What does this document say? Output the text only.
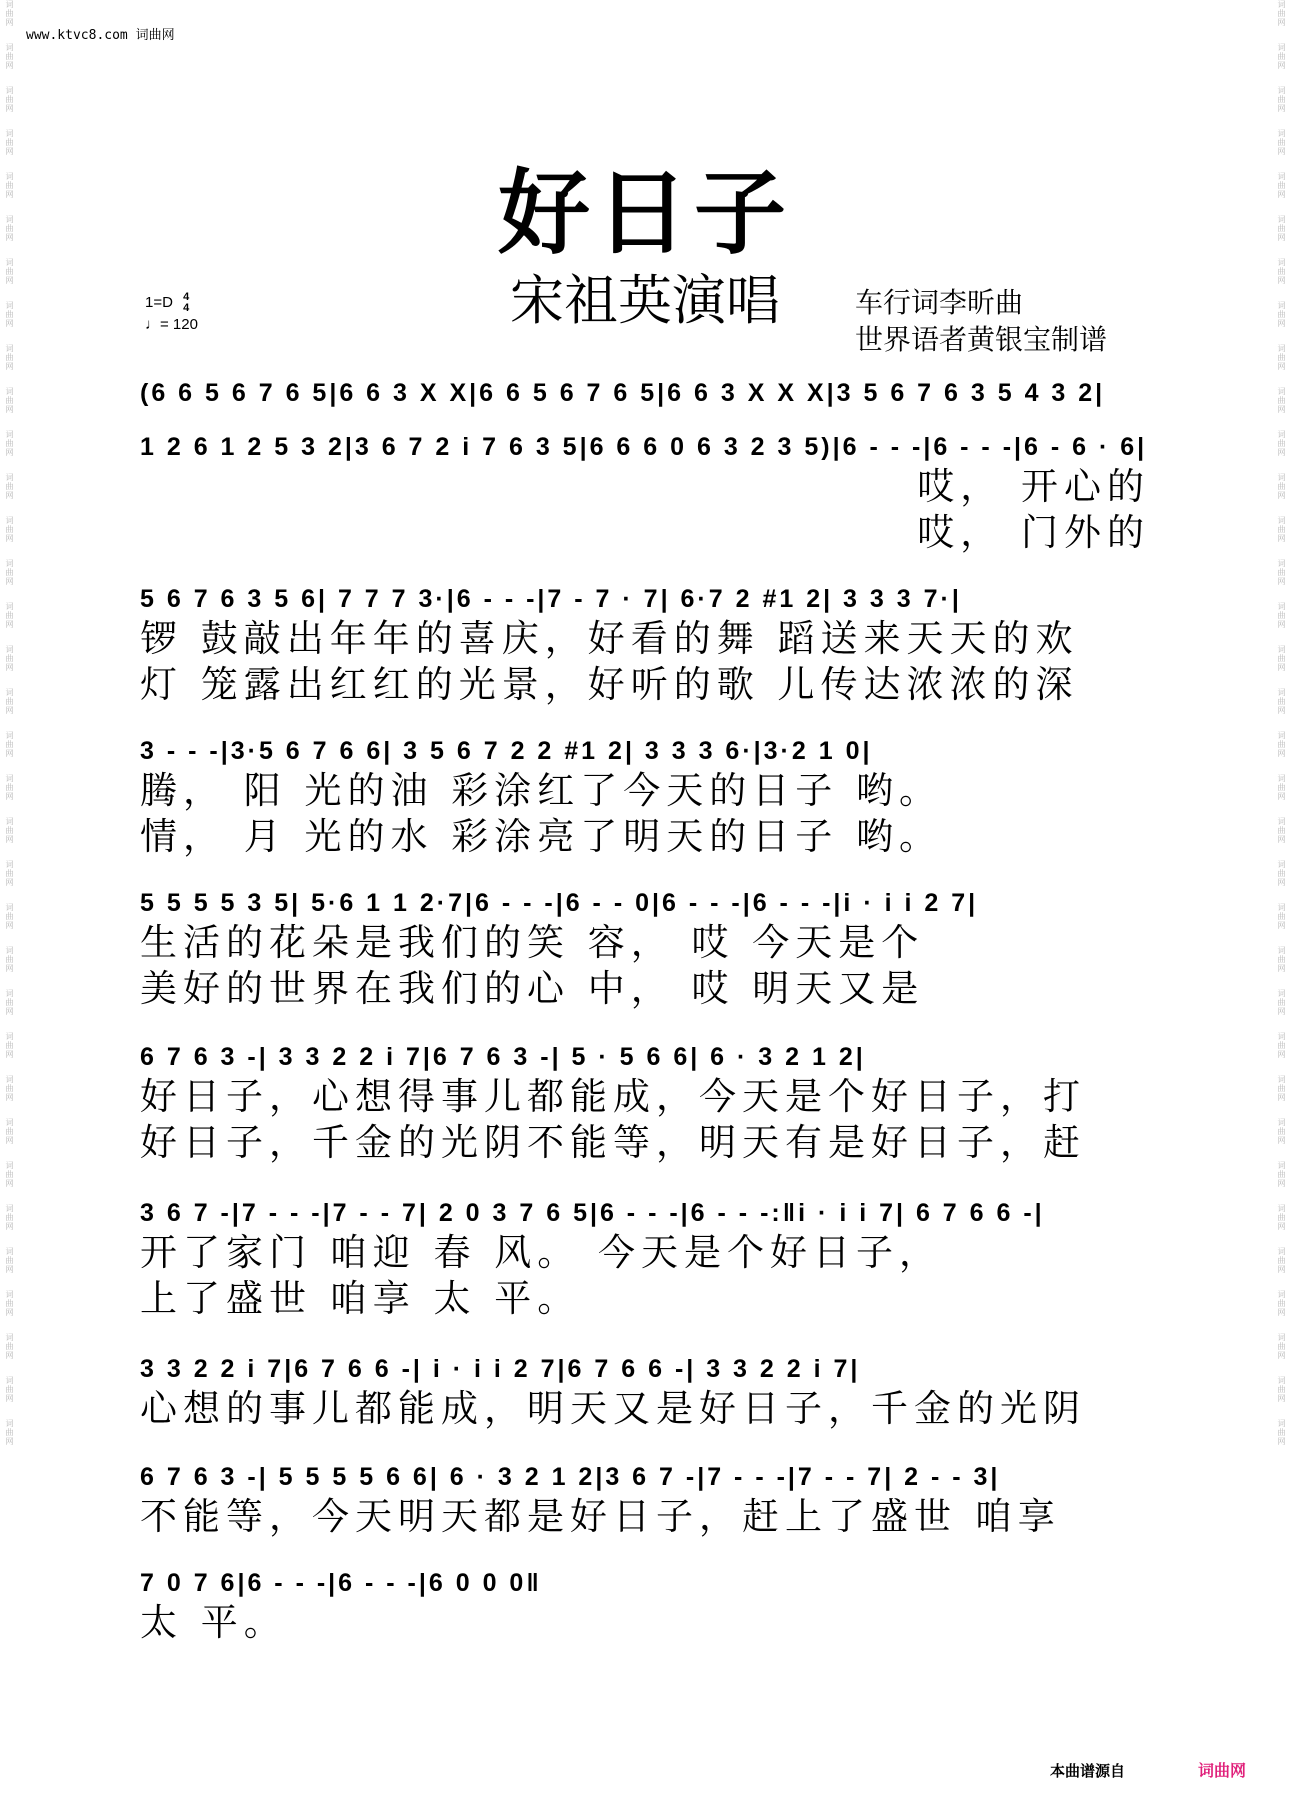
词曲网
词曲网
词曲网
词曲网
词曲网
词曲网
词曲网
词曲网
词曲网
词曲网
词曲网
词曲网
词曲网
词曲网
词曲网
词曲网
词曲网
词曲网
词曲网
词曲网
词曲网
词曲网
词曲网
词曲网
词曲网
词曲网
词曲网
词曲网
词曲网
词曲网
词曲网
词曲网
词曲网
词曲网
词曲网
词曲网
词曲网
词曲网
词曲网
词曲网
词曲网
词曲网
词曲网
词曲网
词曲网
词曲网
词曲网
词曲网
词曲网
词曲网
词曲网
词曲网
词曲网
词曲网
词曲网
词曲网
词曲网
词曲网
词曲网
词曲网
词曲网
词曲网
词曲网
词曲网
词曲网
词曲网
词曲网
词曲网
www.ktvc8.com 词曲网
好日子
宋祖英演唱
1=D 4
4
♩= 120
车行词李昕曲
世界语者黄银宝制谱
(6 6 5 6 7 6 5|6 6 3 X X|6 6 5 6 7 6 5|6 6 3 X X X|3 5 6 7 6 3 5 4 3 2|
1 2 6 1 2 5 3 2|3 6 7 2 i 7 6 3 5|6 6 6 0 6 3 2 3 5)|6 - - -|6 - - -|6 - 6 · 6|
哎， 开心的
哎， 门外的
5 6 7 6 3 5 6| 7 7 7 3·|6 - - -|7 - 7 · 7| 6·7 2 #1 2| 3 3 3 7·|
锣 鼓敲出年年的喜庆，好看的舞 蹈送来天天的欢
灯 笼露出红红的光景，好听的歌 儿传达浓浓的深
3 - - -|3·5 6 7 6 6| 3 5 6 7 2 2 #1 2| 3 3 3 6·|3·2 1 0|
腾， 阳 光的油 彩涂红了今天的日子 哟。
情， 月 光的水 彩涂亮了明天的日子 哟。
5 5 5 5 3 5| 5·6 1 1 2·7|6 - - -|6 - - 0|6 - - -|6 - - -|i · i i 2 7|
生活的花朵是我们的笑 容， 哎 今天是个
美好的世界在我们的心 中， 哎 明天又是
6 7 6 3 -| 3 3 2 2 i 7|6 7 6 3 -| 5 · 5 6 6| 6 · 3 2 1 2|
好日子，心想得事儿都能成，今天是个好日子，打
好日子，千金的光阴不能等，明天有是好日子，赶
3 6 7 -|7 - - -|7 - - 7| 2 0 3 7 6 5|6 - - -|6 - - -:‖i · i i 7| 6 7 6 6 -|
开了家门 咱迎 春 风。 今天是个好日子，
上了盛世 咱享 太 平。
3 3 2 2 i 7|6 7 6 6 -| i · i i 2 7|6 7 6 6 -| 3 3 2 2 i 7|
心想的事儿都能成，明天又是好日子，千金的光阴
6 7 6 3 -| 5 5 5 5 6 6| 6 · 3 2 1 2|3 6 7 -|7 - - -|7 - - 7| 2 - - 3|
不能等，今天明天都是好日子，赶上了盛世 咱享
7 0 7 6|6 - - -|6 - - -|6 0 0 0‖
太 平。
本曲谱源自	词曲网
